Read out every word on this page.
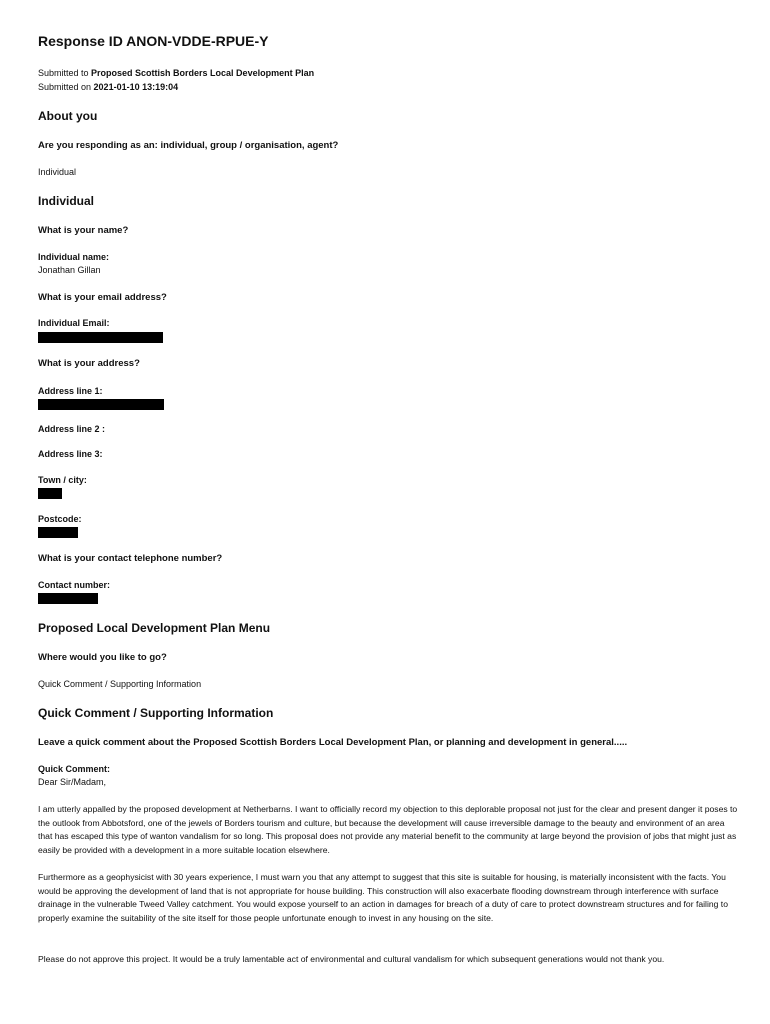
Response ID ANON-VDDE-RPUE-Y
Submitted to Proposed Scottish Borders Local Development Plan
Submitted on 2021-01-10 13:19:04
About you
Are you responding as an: individual, group / organisation, agent?
Individual
Individual
What is your name?
Individual name:
Jonathan Gillan
What is your email address?
Individual Email:
What is your address?
Address line 1:
Address line 2 :
Address line 3:
Town / city:
Postcode:
What is your contact telephone number?
Contact number:
Proposed Local Development Plan Menu
Where would you like to go?
Quick Comment / Supporting Information
Quick Comment / Supporting Information
Leave a quick comment about the Proposed Scottish Borders Local Development Plan, or planning and development in general.....
Quick Comment:
Dear Sir/Madam,
I am utterly appalled by the proposed development at Netherbarns. I want to officially record my objection to this deplorable proposal not just for the clear and present danger it poses to the outlook from Abbotsford, one of the jewels of Borders tourism and culture, but because the development will cause irreversible damage to the beauty and environment of an area that has escaped this type of wanton vandalism for so long. This proposal does not provide any material benefit to the community at large beyond the provision of jobs that might just as easily be provided with a development in a more suitable location elsewhere.
Furthermore as a geophysicist with 30 years experience, I must warn you that any attempt to suggest that this site is suitable for housing, is materially inconsistent with the facts. You would be approving the development of land that is not appropriate for house building. This construction will also exacerbate flooding downstream through interference with surface drainage in the vulnerable Tweed Valley catchment. You would expose yourself to an action in damages for breach of a duty of care to protect downstream structures and for failing to properly examine the suitability of the site itself for those people unfortunate enough to invest in any housing on the site.
Please do not approve this project. It would be a truly lamentable act of environmental and cultural vandalism for which subsequent generations would not thank you.
